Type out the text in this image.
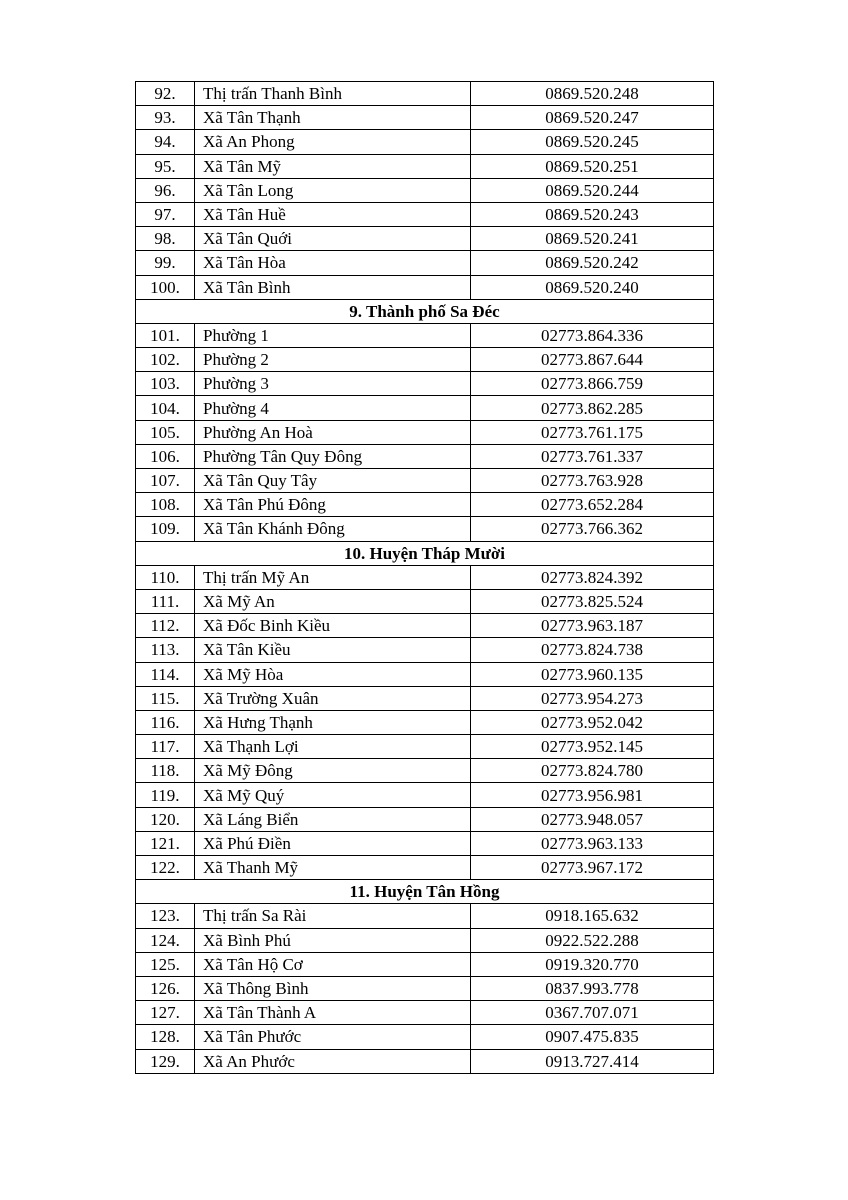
92.	Thị trấn Thanh Bình	0869.520.248
93.	Xã Tân Thạnh	0869.520.247
94.	Xã An Phong	0869.520.245
95.	Xã Tân Mỹ	0869.520.251
96.	Xã Tân Long	0869.520.244
97.	Xã Tân Huề	0869.520.243
98.	Xã Tân Quới	0869.520.241
99.	Xã Tân Hòa	0869.520.242
100.	Xã Tân Bình	0869.520.240
9. Thành phố Sa Đéc		
101.	Phường 1	02773.864.336
102.	Phường 2	02773.867.644
103.	Phường 3	02773.866.759
104.	Phường 4	02773.862.285
105.	Phường An Hoà	02773.761.175
106.	Phường Tân Quy Đông	02773.761.337
107.	Xã Tân Quy Tây	02773.763.928
108.	Xã Tân Phú Đông	02773.652.284
109.	Xã Tân Khánh Đông	02773.766.362
10. Huyện Tháp Mười		
110.	Thị trấn Mỹ An	02773.824.392
111.	Xã Mỹ An	02773.825.524
112.	Xã Đốc Binh Kiều	02773.963.187
113.	Xã Tân Kiều	02773.824.738
114.	Xã Mỹ Hòa	02773.960.135
115.	Xã Trường Xuân	02773.954.273
116.	Xã Hưng Thạnh	02773.952.042
117.	Xã Thạnh Lợi	02773.952.145
118.	Xã Mỹ Đông	02773.824.780
119.	Xã Mỹ Quý	02773.956.981
120.	Xã Láng Biển	02773.948.057
121.	Xã Phú Điền	02773.963.133
122.	Xã Thanh Mỹ	02773.967.172
11. Huyện Tân Hồng		
123.	Thị trấn Sa Rài	0918.165.632
124.	Xã Bình Phú	0922.522.288
125.	Xã Tân Hộ Cơ	0919.320.770
126.	Xã Thông Bình	0837.993.778
127.	Xã Tân Thành A	0367.707.071
128.	Xã Tân Phước	0907.475.835
129.	Xã An Phước	0913.727.414
